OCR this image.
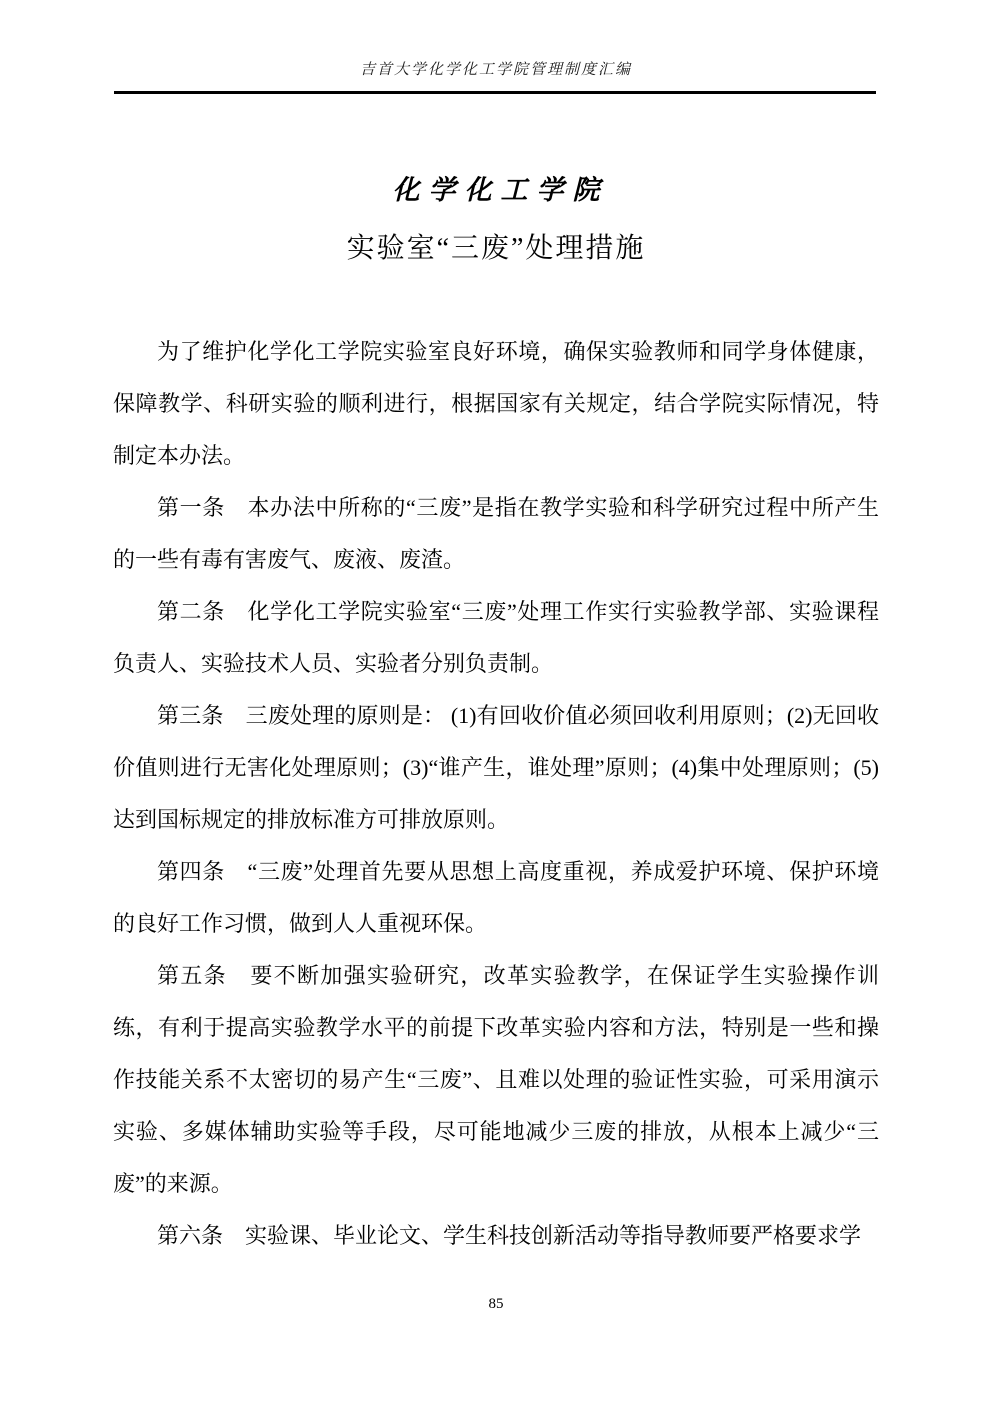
吉首大学化学化工学院管理制度汇编
化学化工学院
实验室“三废”处理措施

为了维护化学化工学院实验室良好环境，确保实验教师和同学身体健康，保障教学、科研实验的顺利进行，根据国家有关规定，结合学院实际情况，特制定本办法。

第一条　本办法中所称的“三废”是指在教学实验和科学研究过程中所产生的一些有毒有害废气、废液、废渣。

第二条　化学化工学院实验室“三废”处理工作实行实验教学部、实验课程负责人、实验技术人员、实验者分别负责制。

第三条　三废处理的原则是： (1)有回收价值必须回收利用原则；(2)无回收价值则进行无害化处理原则；(3)“谁产生，谁处理”原则；(4)集中处理原则；(5)达到国标规定的排放标准方可排放原则。

第四条　“三废”处理首先要从思想上高度重视，养成爱护环境、保护环境的良好工作习惯，做到人人重视环保。

第五条　要不断加强实验研究，改革实验教学，在保证学生实验操作训练，有利于提高实验教学水平的前提下改革实验内容和方法，特别是一些和操作技能关系不太密切的易产生“三废”、且难以处理的验证性实验，可采用演示实验、多媒体辅助实验等手段，尽可能地减少三废的排放，从根本上减少“三废”的来源。

第六条　实验课、毕业论文、学生科技创新活动等指导教师要严格要求学

85
